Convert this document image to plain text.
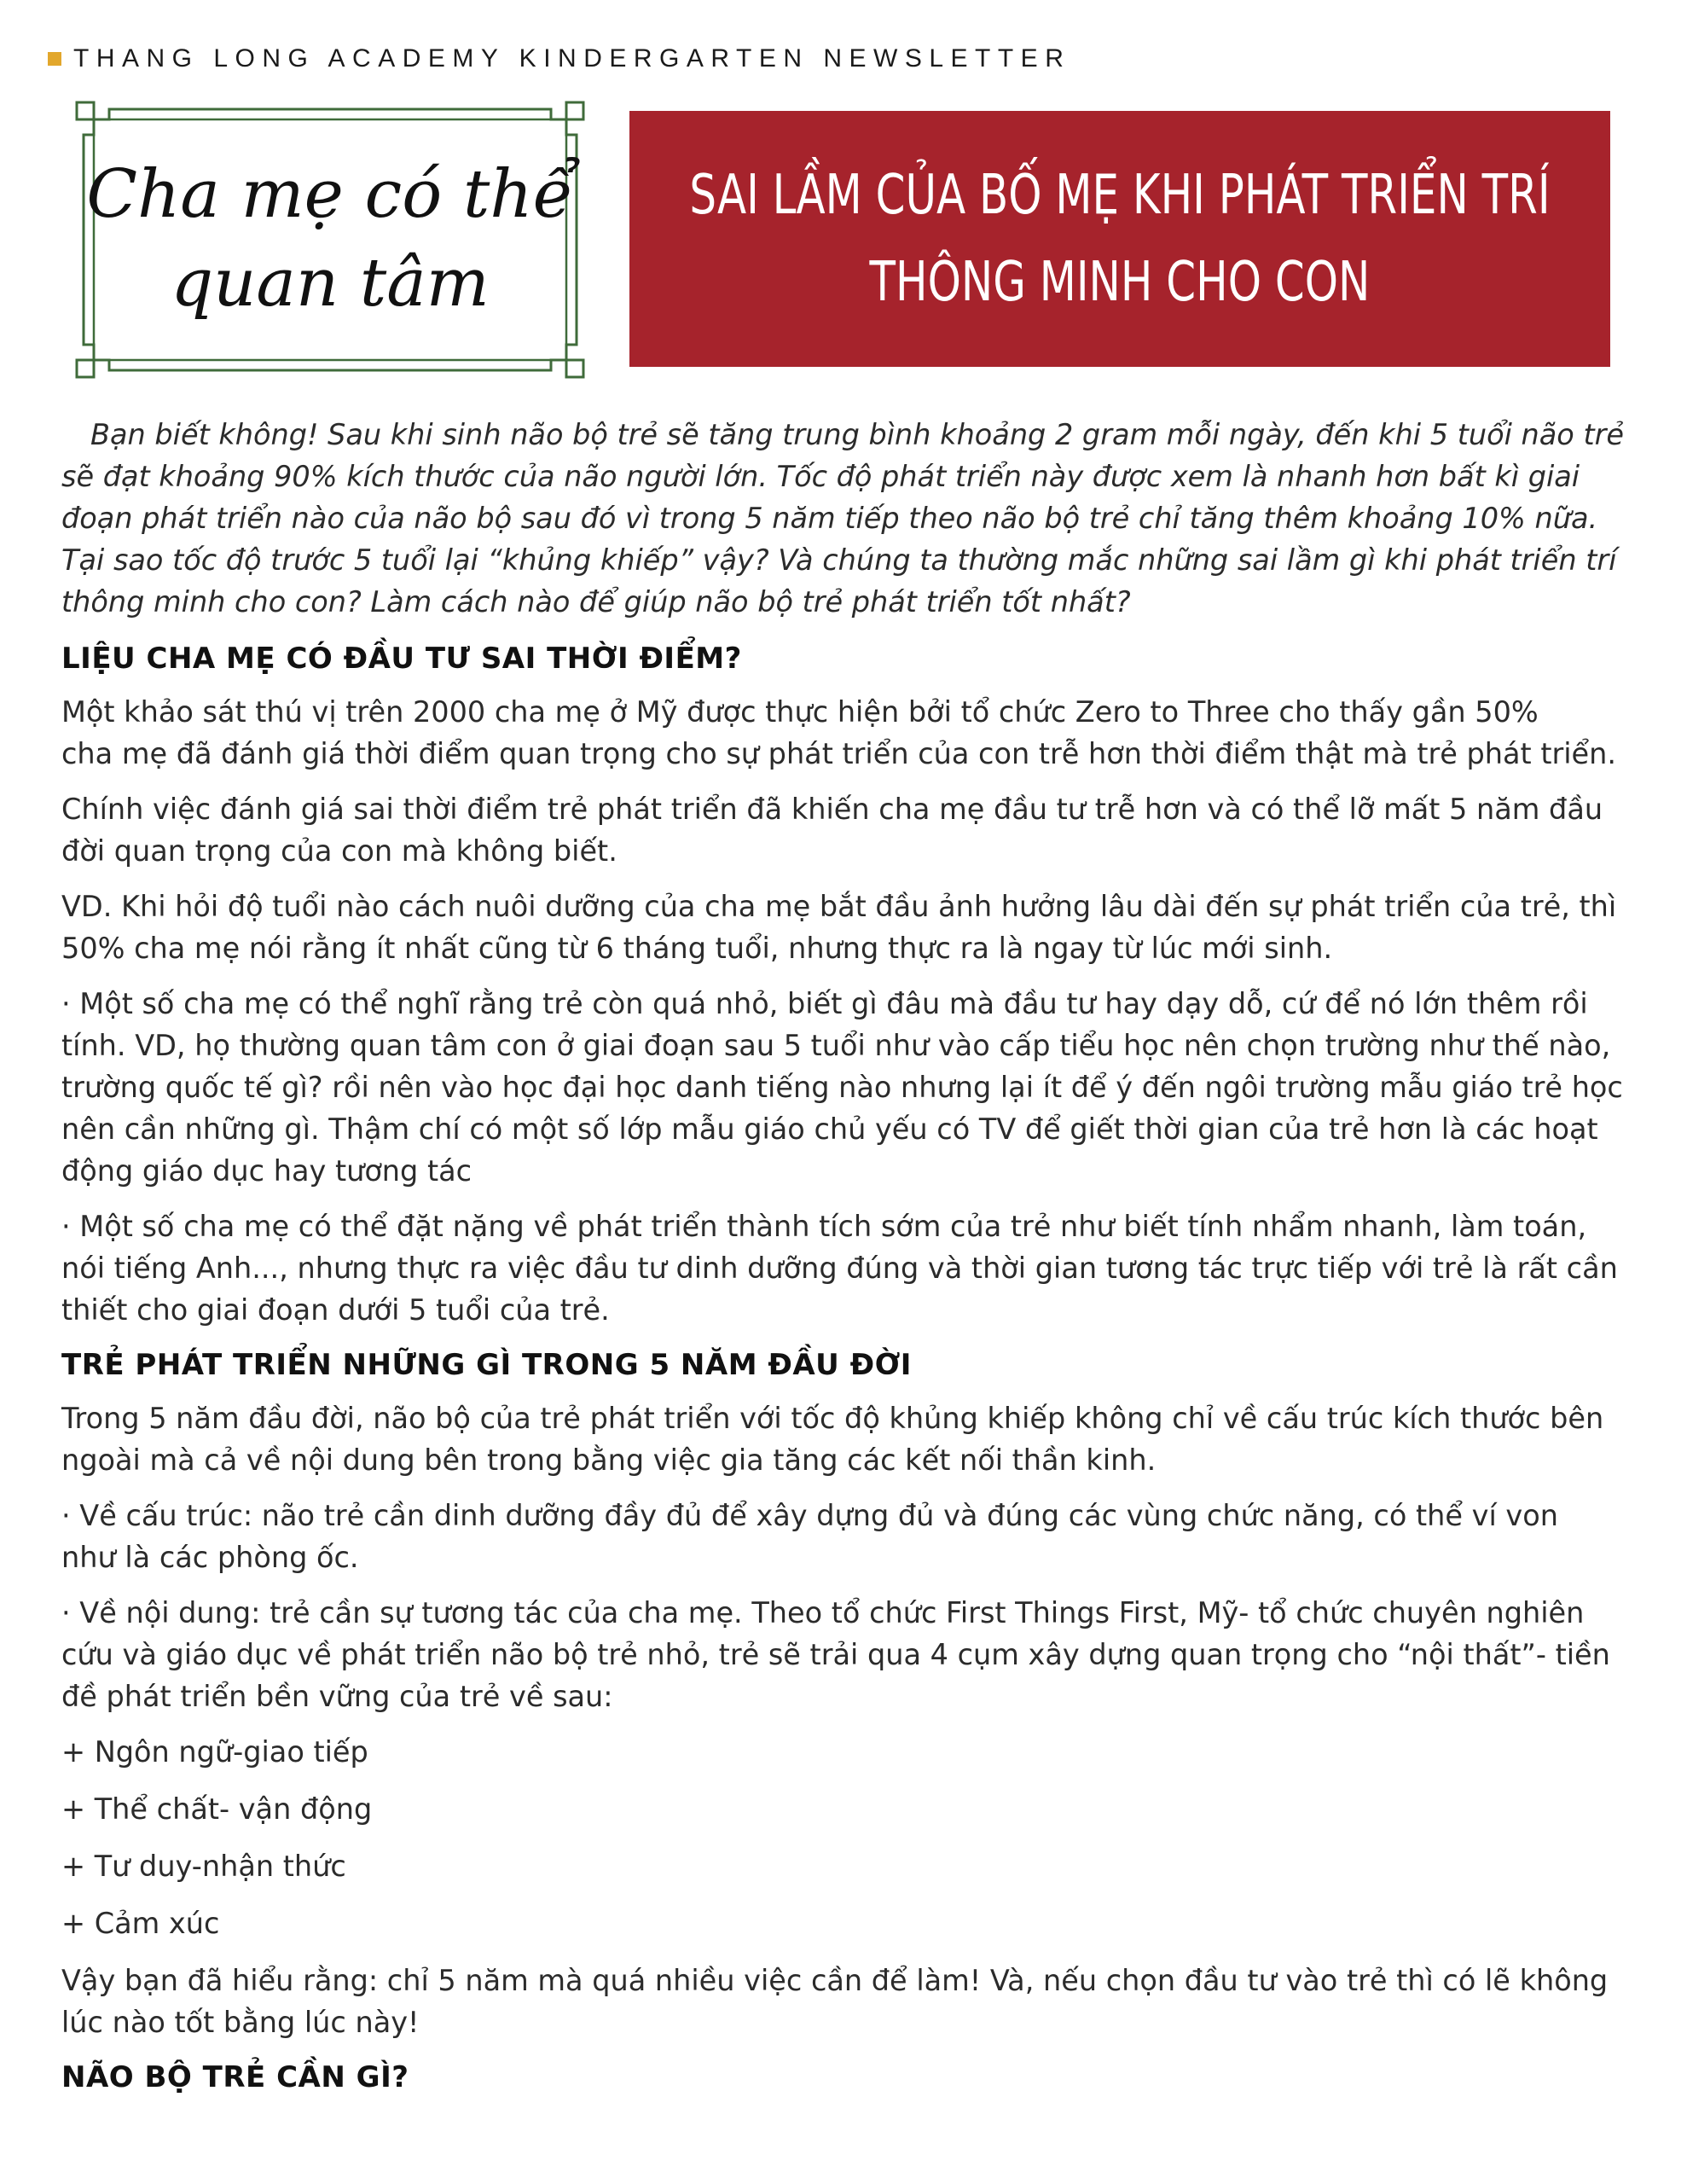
THANG LONG ACADEMY KINDERGARTEN NEWSLETTER
Cha mẹ có thể
quan tâm
SAI LẦM CỦA BỐ MẸ KHI PHÁT TRIỂN TRÍ
THÔNG MINH CHO CON
Bạn biết không! Sau khi sinh não bộ trẻ sẽ tăng trung bình khoảng 2 gram mỗi ngày, đến khi 5 tuổi não trẻ
sẽ đạt khoảng 90% kích thước của não người lớn. Tốc độ phát triển này được xem là nhanh hơn bất kì giai
đoạn phát triển nào của não bộ sau đó vì trong 5 năm tiếp theo não bộ trẻ chỉ tăng thêm khoảng 10% nữa.
Tại sao tốc độ trước 5 tuổi lại “khủng khiếp” vậy? Và chúng ta thường mắc những sai lầm gì khi phát triển trí
thông minh cho con? Làm cách nào để giúp não bộ trẻ phát triển tốt nhất?
LIỆU CHA MẸ CÓ ĐẦU TƯ SAI THỜI ĐIỂM?
Một khảo sát thú vị trên 2000 cha mẹ ở Mỹ được thực hiện bởi tổ chức Zero to Three cho thấy gần 50%
cha mẹ đã đánh giá thời điểm quan trọng cho sự phát triển của con trễ hơn thời điểm thật mà trẻ phát triển.
Chính việc đánh giá sai thời điểm trẻ phát triển đã khiến cha mẹ đầu tư trễ hơn và có thể lỡ mất 5 năm đầu
đời quan trọng của con mà không biết.
VD. Khi hỏi độ tuổi nào cách nuôi dưỡng của cha mẹ bắt đầu ảnh hưởng lâu dài đến sự phát triển của trẻ, thì
50% cha mẹ nói rằng ít nhất cũng từ 6 tháng tuổi, nhưng thực ra là ngay từ lúc mới sinh.
· Một số cha mẹ có thể nghĩ rằng trẻ còn quá nhỏ, biết gì đâu mà đầu tư hay dạy dỗ, cứ để nó lớn thêm rồi
tính. VD, họ thường quan tâm con ở giai đoạn sau 5 tuổi như vào cấp tiểu học nên chọn trường như thế nào,
trường quốc tế gì? rồi nên vào học đại học danh tiếng nào nhưng lại ít để ý đến ngôi trường mẫu giáo trẻ học
nên cần những gì. Thậm chí có một số lớp mẫu giáo chủ yếu có TV để giết thời gian của trẻ hơn là các hoạt
động giáo dục hay tương tác
· Một số cha mẹ có thể đặt nặng về phát triển thành tích sớm của trẻ như biết tính nhẩm nhanh, làm toán,
nói tiếng Anh..., nhưng thực ra việc đầu tư dinh dưỡng đúng và thời gian tương tác trực tiếp với trẻ là rất cần
thiết cho giai đoạn dưới 5 tuổi của trẻ.
TRẺ PHÁT TRIỂN NHỮNG GÌ TRONG 5 NĂM ĐẦU ĐỜI
Trong 5 năm đầu đời, não bộ của trẻ phát triển với tốc độ khủng khiếp không chỉ về cấu trúc kích thước bên
ngoài mà cả về nội dung bên trong bằng việc gia tăng các kết nối thần kinh.
· Về cấu trúc: não trẻ cần dinh dưỡng đầy đủ để xây dựng đủ và đúng các vùng chức năng, có thể ví von
như là các phòng ốc.
· Về nội dung: trẻ cần sự tương tác của cha mẹ. Theo tổ chức First Things First, Mỹ- tổ chức chuyên nghiên
cứu và giáo dục về phát triển não bộ trẻ nhỏ, trẻ sẽ trải qua 4 cụm xây dựng quan trọng cho “nội thất”- tiền
đề phát triển bền vững của trẻ về sau:
+ Ngôn ngữ-giao tiếp
+ Thể chất- vận động
+ Tư duy-nhận thức
+ Cảm xúc
Vậy bạn đã hiểu rằng: chỉ 5 năm mà quá nhiều việc cần để làm! Và, nếu chọn đầu tư vào trẻ thì có lẽ không
lúc nào tốt bằng lúc này!
NÃO BỘ TRẺ CẦN GÌ?
